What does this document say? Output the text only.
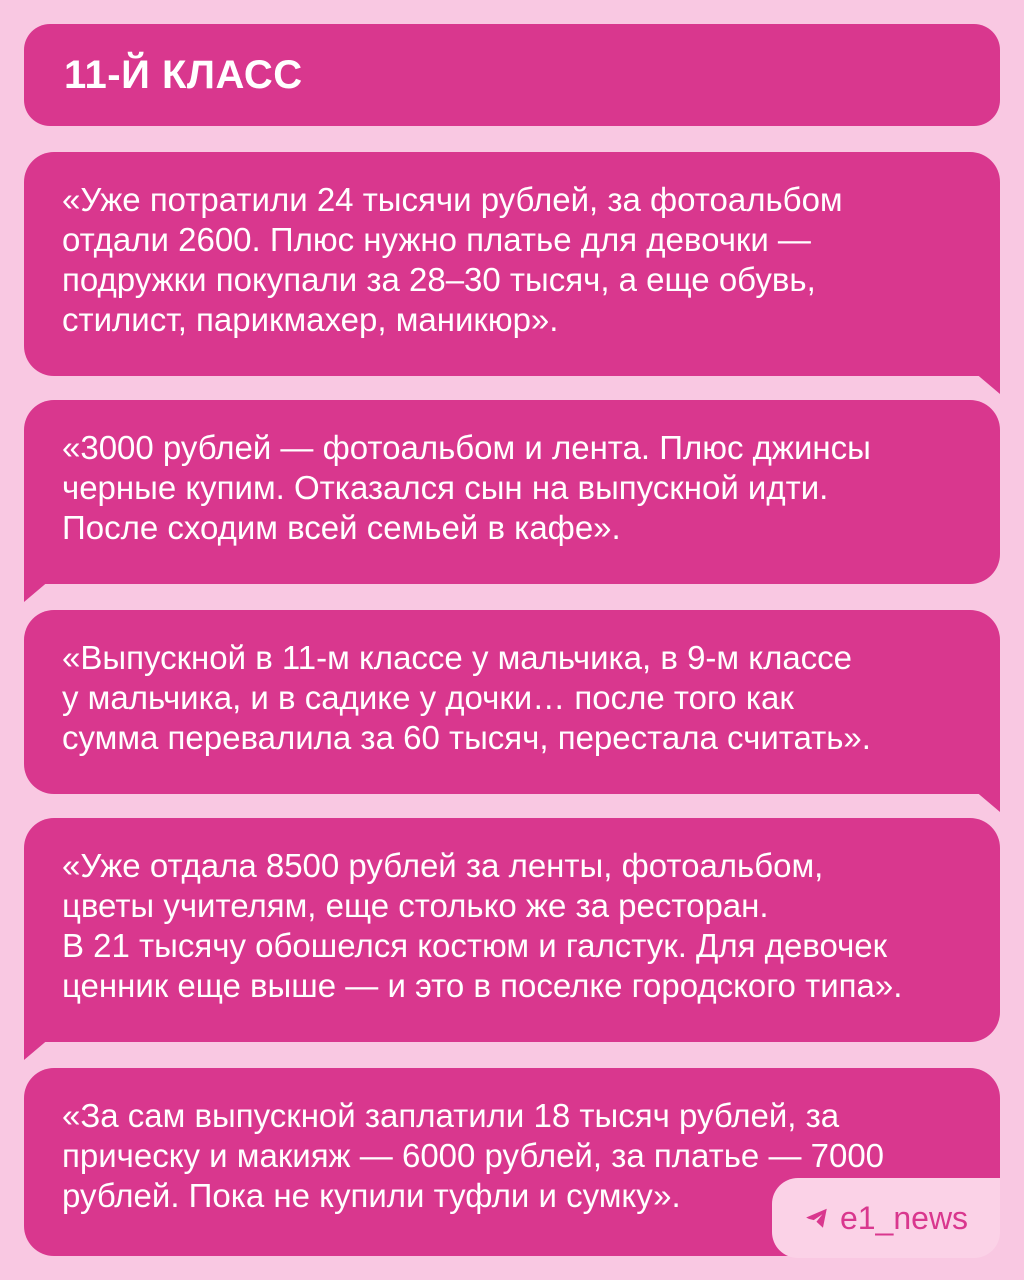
11-Й КЛАСС

«Уже потратили 24 тысячи рублей, за фотоальбом
отдали 2600. Плюс нужно платье для девочки —
подружки покупали за 28–30 тысяч, а еще обувь,
стилист, парикмахер, маникюр».

«3000 рублей — фотоальбом и лента. Плюс джинсы
черные купим. Отказался сын на выпускной идти.
После сходим всей семьей в кафе».

«Выпускной в 11-м классе у мальчика, в 9-м классе
у мальчика, и в садике у дочки… после того как
сумма перевалила за 60 тысяч, перестала считать».

«Уже отдала 8500 рублей за ленты, фотоальбом,
цветы учителям, еще столько же за ресторан.
В 21 тысячу обошелся костюм и галстук. Для девочек
ценник еще выше — и это в поселке городского типа».

«За сам выпускной заплатили 18 тысяч рублей, за
прическу и макияж — 6000 рублей, за платье — 7000
рублей. Пока не купили туфли и сумку».

e1_news
